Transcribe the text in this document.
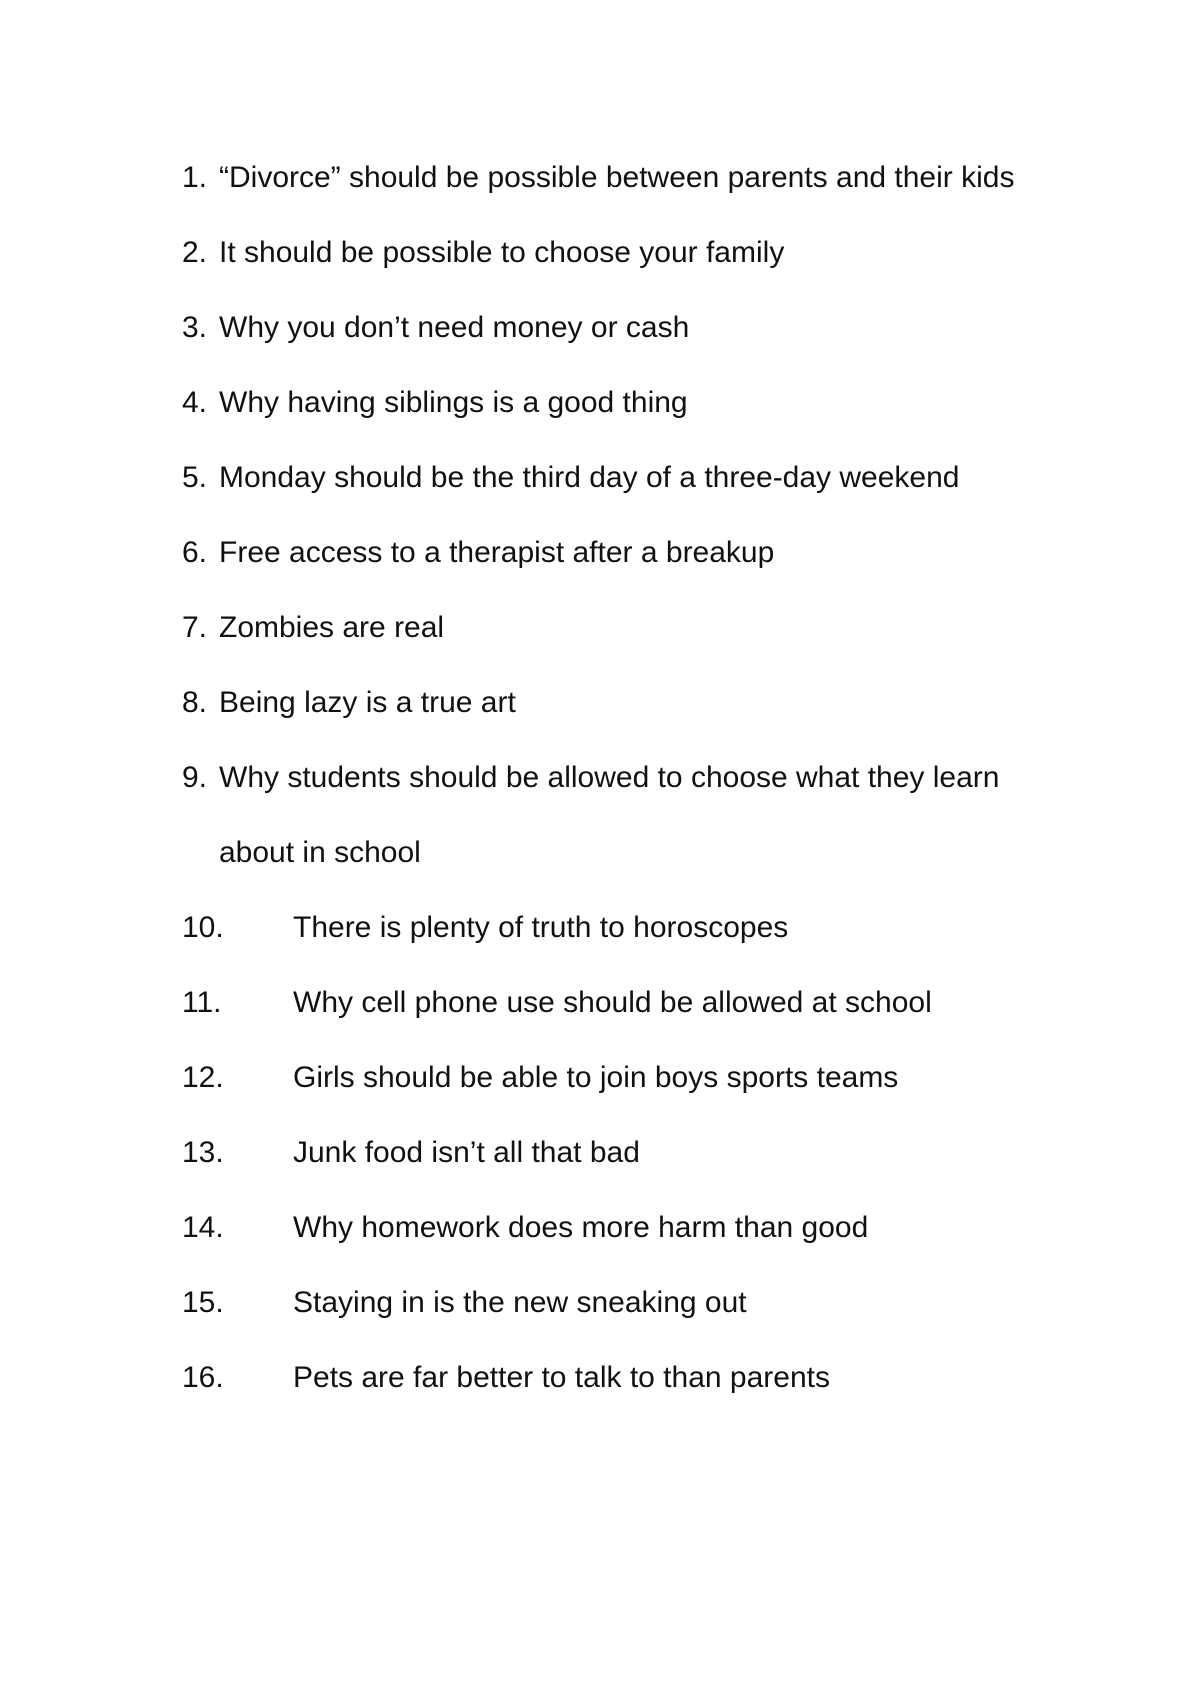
1. “Divorce” should be possible between parents and their kids
2. It should be possible to choose your family
3. Why you don’t need money or cash
4. Why having siblings is a good thing
5. Monday should be the third day of a three-day weekend
6. Free access to a therapist after a breakup
7. Zombies are real
8. Being lazy is a true art
9. Why students should be allowed to choose what they learn about in school
10.	There is plenty of truth to horoscopes
11.	Why cell phone use should be allowed at school
12.	Girls should be able to join boys sports teams
13.	Junk food isn’t all that bad
14.	Why homework does more harm than good
15.	Staying in is the new sneaking out
16.	Pets are far better to talk to than parents
